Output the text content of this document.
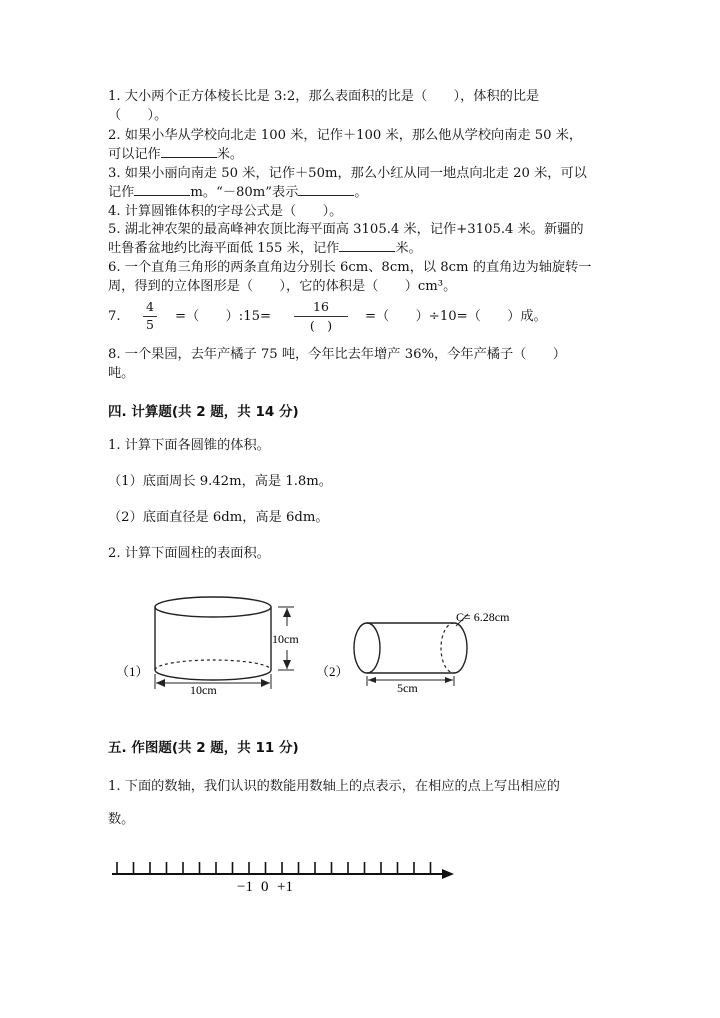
1. 大小两个正方体棱长比是 3:2，那么表面积的比是（　　），体积的比是
（　　）。
2. 如果小华从学校向北走 100 米，记作＋100 米，那么他从学校向南走 50 米，
可以记作	米。
3. 如果小丽向南走 50 米，记作＋50m，那么小红从同一地点向北走 20 米，可以
记作	m。“－80m”表示	。
4. 计算圆锥体积的字母公式是（　　）。
5. 湖北神农架的最高峰神农顶比海平面高 3105.4 米，记作+3105.4 米。新疆的
吐鲁番盆地约比海平面低 155 米，记作	米。
6. 一个直角三角形的两条直角边分别长 6cm、8cm，以 8cm 的直角边为轴旋转一
周，得到的立体图形是（　　），它的体积是（　　）cm³。
7.
4
5
=（　　）:15=
16
(　)
=（　　）÷10=（　　）成。
8. 一个果园，去年产橘子 75 吨，今年比去年增产 36%，今年产橘子（　　）
吨。
四. 计算题(共 2 题，共 14 分)
1. 计算下面各圆锥的体积。
（1）底面周长 9.42m，高是 1.8m。
（2）底面直径是 6dm，高是 6dm。
2. 计算下面圆柱的表面积。
（1）
10cm
10cm
（2）
C= 6.28cm
5cm
五. 作图题(共 2 题，共 11 分)
1. 下面的数轴，我们认识的数能用数轴上的点表示，在相应的点上写出相应的
数。
−1 0 +1
